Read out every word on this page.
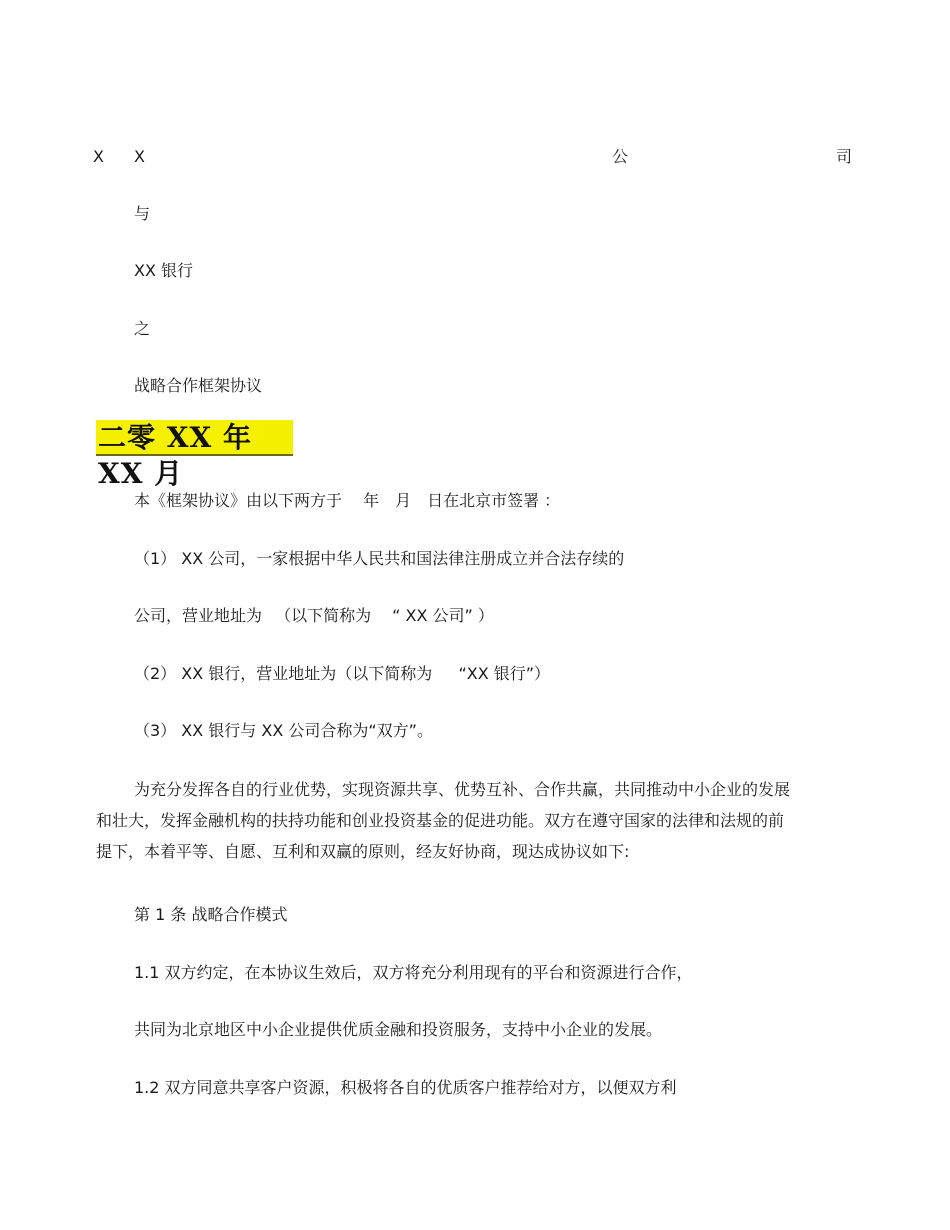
X
X	公	司
与
XX 银行
之
战略合作框架协议
二零 XX 年 XX 月
本《框架协议》由以下两方于 　年　月　日在北京市签署 ：
（1） XX 公司，一家根据中华人民共和国法律注册成立并合法存续的
公司，营业地址为 　（以下简称为 　“ XX 公司” ）
（2） XX 银行，营业地址为（以下简称为 　 “XX 银行”）
（3） XX 银行与 XX 公司合称为“双方”。
为充分发挥各自的行业优势，实现资源共享、优势互补、合作共赢，共同推动中小企业的发展和壮大，发挥金融机构的扶持功能和创业投资基金的促进功能。双方在遵守国家的法律和法规的前提下，本着平等、自愿、互利和双赢的原则，经友好协商，现达成协议如下:
第 1 条 战略合作模式
1.1 双方约定，在本协议生效后，双方将充分利用现有的平台和资源进行合作，
共同为北京地区中小企业提供优质金融和投资服务，支持中小企业的发展。
1.2 双方同意共享客户资源，积极将各自的优质客户推荐给对方，以便双方利
